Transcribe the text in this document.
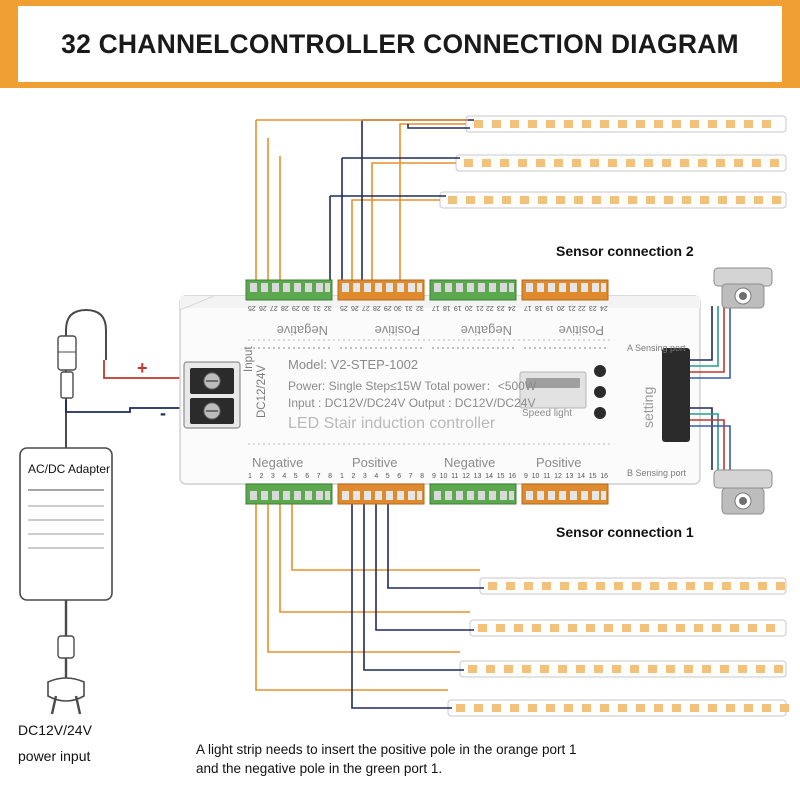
32 CHANNELCONTROLLER CONNECTION DIAGRAM
Input
DC12/24V
Model: V2-STEP-1002
Power: Single Step≤15W Total power：<500W
Input : DC12V/DC24V Output : DC12V/DC24V
LED Stair induction controller
Speed light	setting
A Sensing port
B Sensing port
Negative	Positive	Negative	Positive
Negative	Positive	Negative	Positive
25 26 27 28 29 30 31 32 25 26 27 28 29 30 31 32 17 18 19 20 21 22 23 24 17 18 19 20 21 22 23 24
1 2 3 4 5 6 7 8 1 2 3 4 5 6 7 8 9 10 11 12 13 14 15 16 9 10 11 12 13 14 15 16
Sensor connection 2
Sensor connection 1
AC/DC Adapter
DC12V/24V
power input
+
-
A light strip needs to insert the positive pole in the orange port 1
and the negative pole in the green port 1.
